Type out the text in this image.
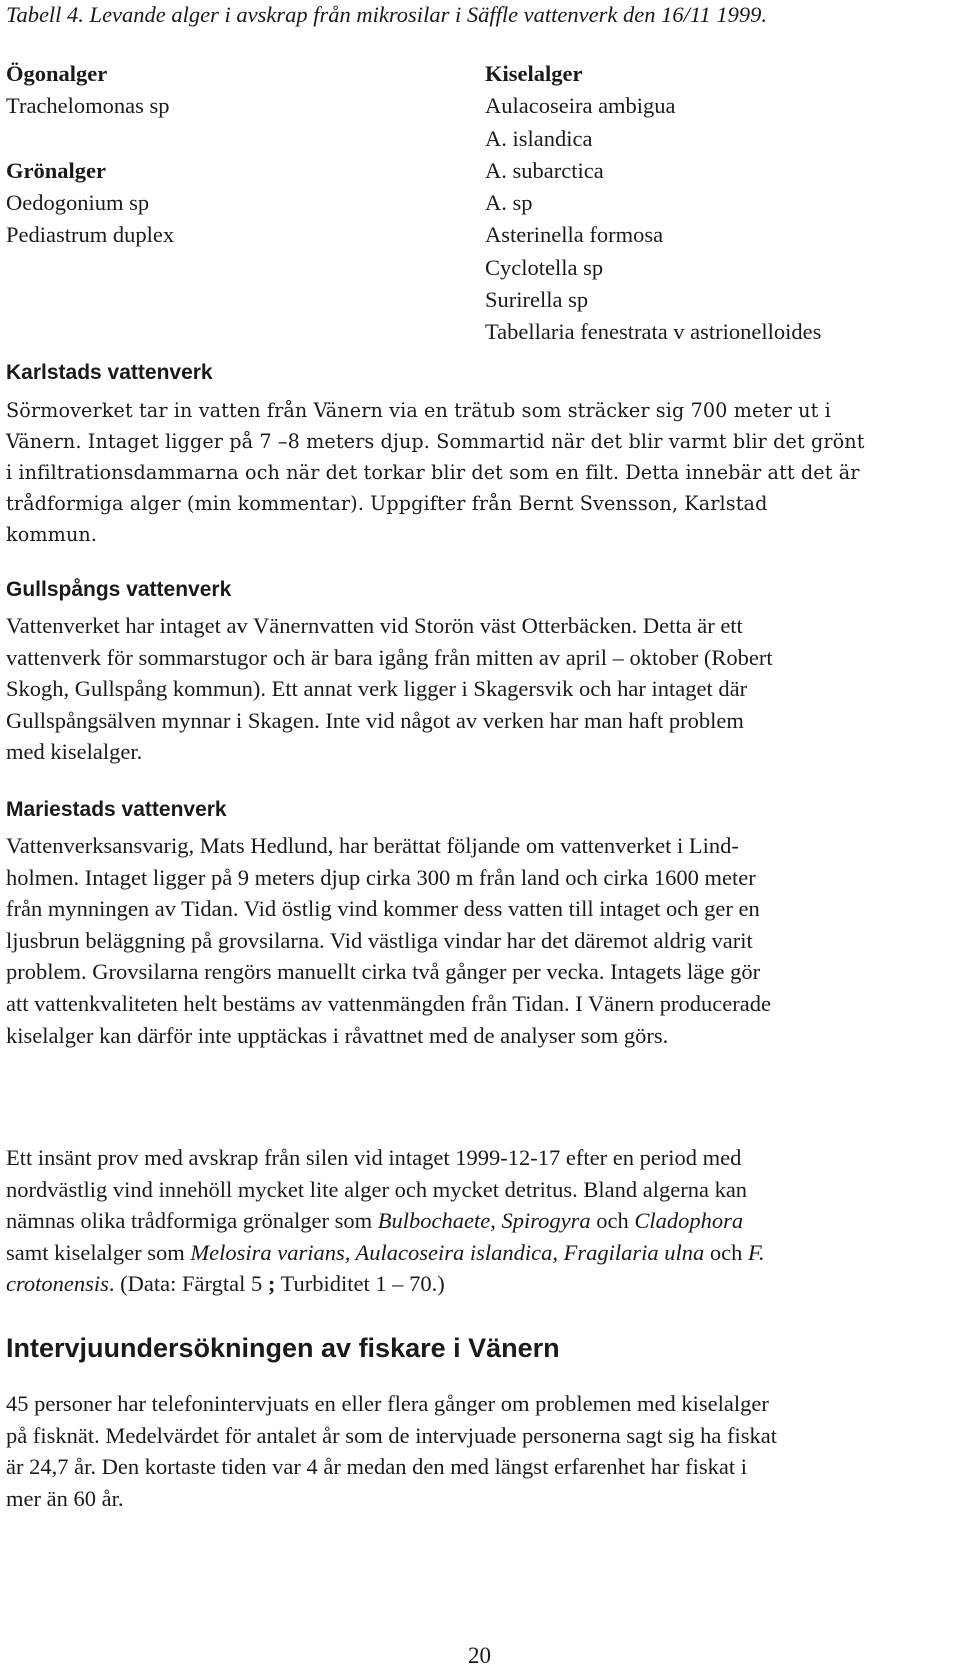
Tabell 4. Levande alger i avskrap från mikrosilar i Säffle vattenverk den 16/11 1999.
Ögonalger
Trachelomonas sp
Grönalger
Oedogonium sp
Pediastrum duplex
Kiselalger
Aulacoseira ambigua
A. islandica
A. subarctica
A. sp
Asterinella formosa
Cyclotella sp
Surirella sp
Tabellaria fenestrata v astrionelloides
Karlstads vattenverk
Sörmoverket tar in vatten från Vänern via en trätub som sträcker sig 700 meter ut i
Vänern. Intaget ligger på 7 –8 meters djup. Sommartid när det blir varmt blir det grönt
i infiltrationsdammarna och när det torkar blir det som en filt. Detta innebär att det är
trådformiga alger (min kommentar). Uppgifter från Bernt Svensson, Karlstad
kommun.
Gullspångs vattenverk
Vattenverket har intaget av Vänernvatten vid Storön väst Otterbäcken. Detta är ett
vattenverk för sommarstugor och är bara igång från mitten av april – oktober (Robert
Skogh, Gullspång kommun). Ett annat verk ligger i Skagersvik och har intaget där
Gullspångsälven mynnar i Skagen. Inte vid något av verken har man haft problem
med kiselalger.
Mariestads vattenverk
Vattenverksansvarig, Mats Hedlund, har berättat följande om vattenverket i Lind-
holmen. Intaget ligger på 9 meters djup cirka 300 m från land och cirka 1600 meter
från mynningen av Tidan. Vid östlig vind kommer dess vatten till intaget och ger en
ljusbrun beläggning på grovsilarna. Vid västliga vindar har det däremot aldrig varit
problem. Grovsilarna rengörs manuellt cirka två gånger per vecka. Intagets läge gör
att vattenkvaliteten helt bestäms av vattenmängden från Tidan. I Vänern producerade
kiselalger kan därför inte upptäckas i råvattnet med de analyser som görs.
Ett insänt prov med avskrap från silen vid intaget 1999-12-17 efter en period med
nordvästlig vind innehöll mycket lite alger och mycket detritus. Bland algerna kan
nämnas olika trådformiga grönalger som Bulbochaete, Spirogyra och Cladophora
samt kiselalger som Melosira varians, Aulacoseira islandica, Fragilaria ulna och F.
crotonensis. (Data: Färgtal 5 ; Turbiditet 1 – 70.)
Intervjuundersökningen av fiskare i Vänern
45 personer har telefonintervjuats en eller flera gånger om problemen med kiselalger
på fisknät. Medelvärdet för antalet år som de intervjuade personerna sagt sig ha fiskat
är 24,7 år. Den kortaste tiden var 4 år medan den med längst erfarenhet har fiskat i
mer än 60 år.
20
